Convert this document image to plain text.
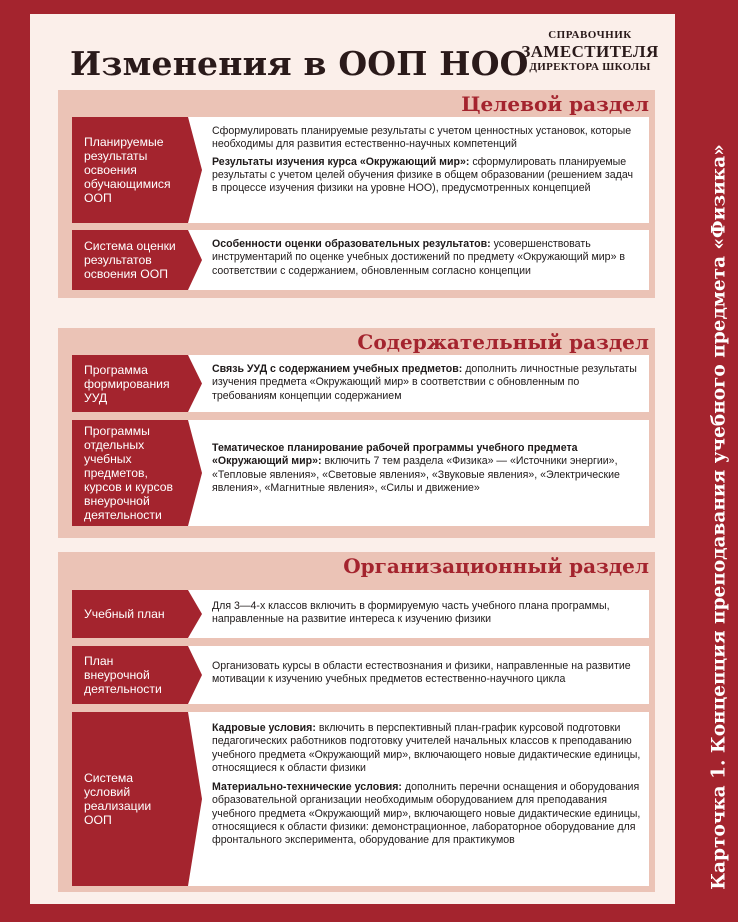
Изменения в ООП НОО
СПРАВОЧНИК
ЗАМЕСТИТЕЛЯ
ДИРЕКТОРА ШКОЛЫ
Целевой раздел
Планируемые результаты освоения обучающимися ООП

Сформулировать планируемые результаты с учетом ценностных установок, которые необходимы для развития естественно-научных компетенций

Результаты изучения курса «Окружающий мир»: сформулировать планируемые результаты с учетом целей обучения физике в общем образовании (решением задач в процессе изучения физики на уровне НОО), предусмотренных концепцией

Система оценки результатов освоения ООП

Особенности оценки образовательных результатов: усовершенствовать инструментарий по оценке учебных достижений по предмету «Окружающий мир» в соответствии с содержанием, обновленным согласно концепции

Содержательный раздел
Программа формирования УУД

Связь УУД с содержанием учебных предметов: дополнить личностные результаты изучения предмета «Окружающий мир» в соответствии с обновленным по требованиям концепции содержанием

Программы отдельных учебных предметов, курсов и курсов внеурочной деятельности

Тематическое планирование рабочей программы учебного предмета «Окружающий мир»: включить 7 тем раздела «Физика» — «Источники энергии», «Тепловые явления», «Световые явления», «Звуковые явления», «Электрические явления», «Магнитные явления», «Силы и движение»

Организационный раздел
Учебный план

Для 3—4-х классов включить в формируемую часть учебного плана программы, направленные на развитие интереса к изучению физики

План внеурочной деятельности

Организовать курсы в области естествознания и физики, направленные на развитие мотивации к изучению учебных предметов естественно-научного цикла

Система условий реализации ООП

Кадровые условия: включить в перспективный план-график курсовой подготовки педагогических работников подготовку учителей начальных классов к преподаванию учебного предмета «Окружающий мир», включающего новые дидактические единицы, относящиеся к области физики

Материально-технические условия: дополнить перечни оснащения и оборудования образовательной организации необходимым оборудованием для преподавания учебного предмета «Окружающий мир», включающего новые дидактические единицы, относящиеся к области физики: демонстрационное, лабораторное оборудование для фронтального эксперимента, оборудование для практикумов	Карточка 1. Концепция преподавания учебного предмета «Физика»
